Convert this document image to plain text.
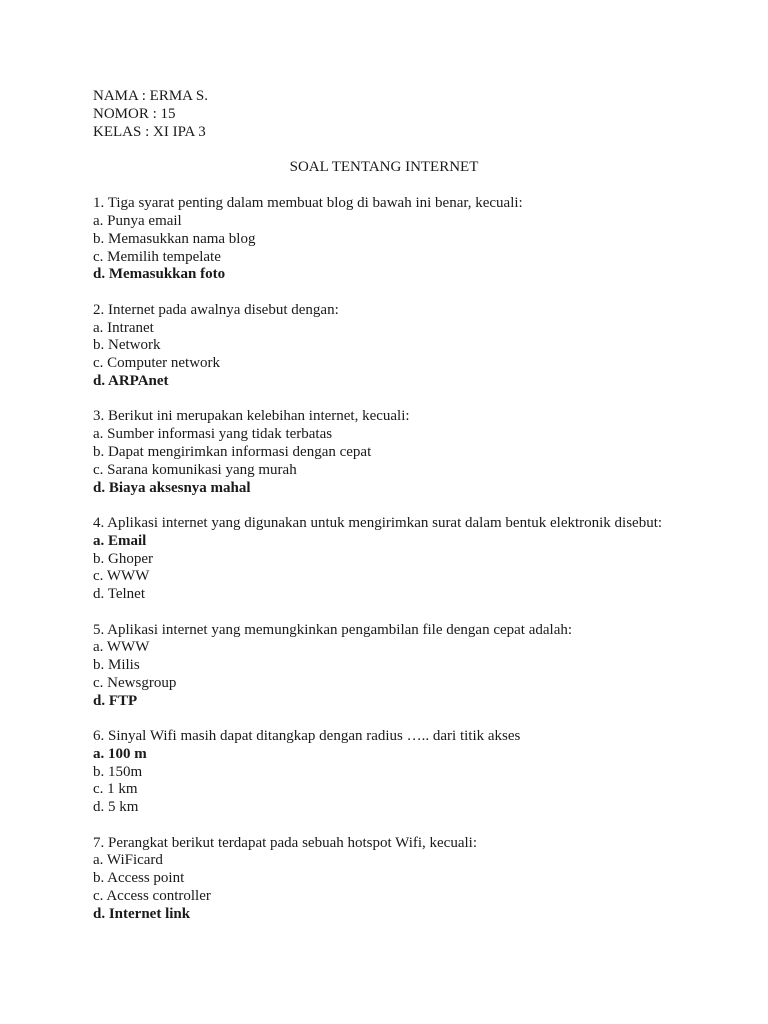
NAMA : ERMA S.
NOMOR : 15
KELAS : XI IPA 3
SOAL TENTANG INTERNET
1. Tiga syarat penting dalam membuat blog di bawah ini benar, kecuali:
a. Punya email
b. Memasukkan nama blog
c. Memilih tempelate
d. Memasukkan foto
2. Internet pada awalnya disebut dengan:
a. Intranet
b. Network
c. Computer network
d. ARPAnet
3. Berikut ini merupakan kelebihan internet, kecuali:
a. Sumber informasi yang tidak terbatas
b. Dapat mengirimkan informasi dengan cepat
c. Sarana komunikasi yang murah
d. Biaya aksesnya mahal
4. Aplikasi internet yang digunakan untuk mengirimkan surat dalam bentuk elektronik disebut:
a. Email
b. Ghoper
c. WWW
d. Telnet
5. Aplikasi internet yang memungkinkan pengambilan file dengan cepat adalah:
a. WWW
b. Milis
c. Newsgroup
d. FTP
6. Sinyal Wifi masih dapat ditangkap dengan radius ….. dari titik akses
a. 100 m
b. 150m
c. 1 km
d. 5 km
7. Perangkat berikut terdapat pada sebuah hotspot Wifi, kecuali:
a. WiFicard
b. Access point
c. Access controller
d. Internet link
